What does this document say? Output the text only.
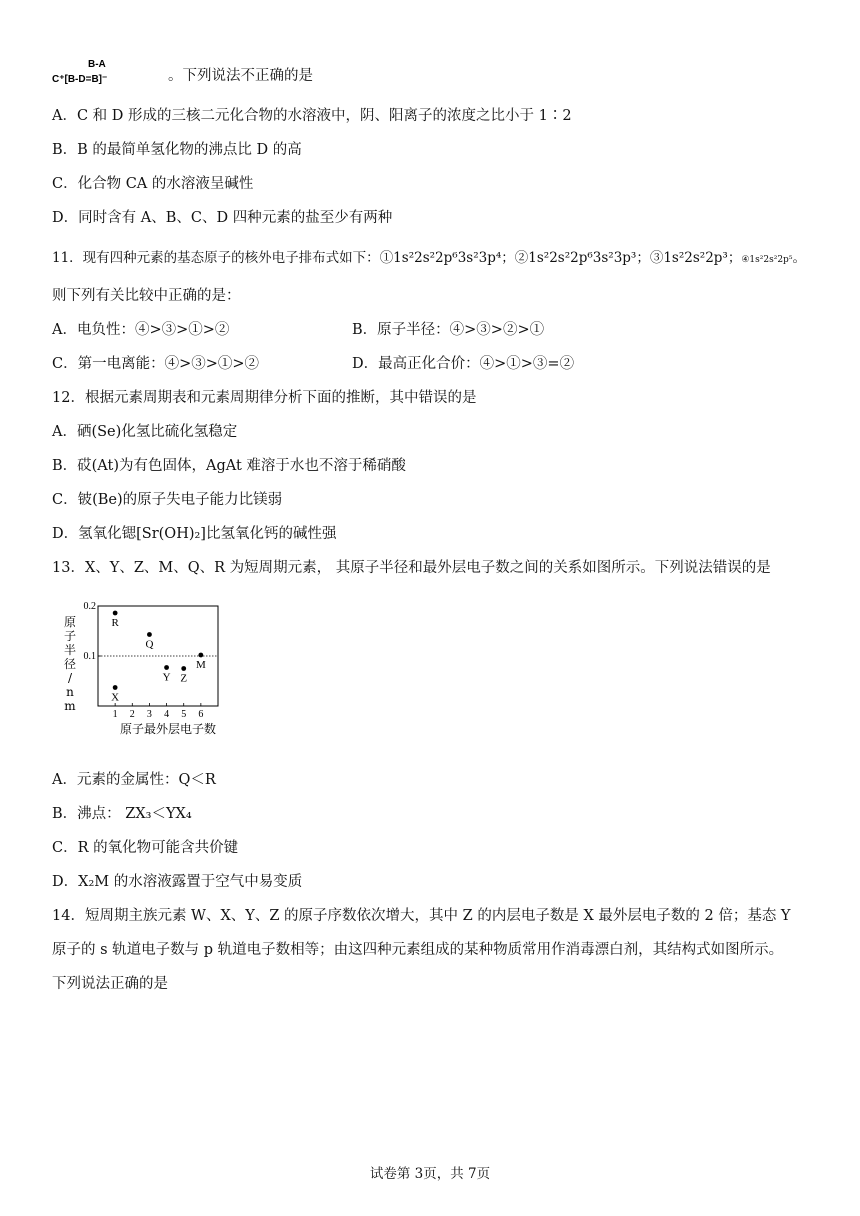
B-A
C⁺[B-D=B]⁻	。下列说法不正确的是
A．C 和 D 形成的三核二元化合物的水溶液中，阴、阳离子的浓度之比小于 1∶2
B．B 的最简单氢化物的沸点比 D 的高
C．化合物 CA 的水溶液呈碱性
D．同时含有 A、B、C、D 四种元素的盐至少有两种
11．现有四种元素的基态原子的核外电子排布式如下：①1s²2s²2p⁶3s²3p⁴；②1s²2s²2p⁶3s²3p³；③1s²2s²2p³；④1s²2s²2p⁵。
则下列有关比较中正确的是：
A．电负性：④>③>①>②	B．原子半径：④>③>②>①
C．第一电离能：④>③>①>②	D．最高正化合价：④>①>③=②
12．根据元素周期表和元素周期律分析下面的推断，其中错误的是
A．硒(Se)化氢比硫化氢稳定
B．砹(At)为有色固体，AgAt 难溶于水也不溶于稀硝酸
C．铍(Be)的原子失电子能力比镁弱
D．氢氧化锶[Sr(OH)₂]比氢氧化钙的碱性强
13．X、Y、Z、M、Q、R 为短周期元素， 其原子半径和最外层电子数之间的关系如图所示。下列说法错误的是
1 2 3 4 5 6
0.1
0.2
原子最外层电子数
原子半径/ n m
X
R
Q
Y Z
M
A．元素的金属性：Q＜R
B．沸点： ZX₃＜YX₄
C．R 的氧化物可能含共价键
D．X₂M 的水溶液露置于空气中易变质
14．短周期主族元素 W、X、Y、Z 的原子序数依次增大，其中 Z 的内层电子数是 X 最外层电子数的 2 倍；基态 Y
原子的 s 轨道电子数与 p 轨道电子数相等；由这四种元素组成的某种物质常用作消毒漂白剂，其结构式如图所示。
下列说法正确的是
试卷第 3页，共 7页
